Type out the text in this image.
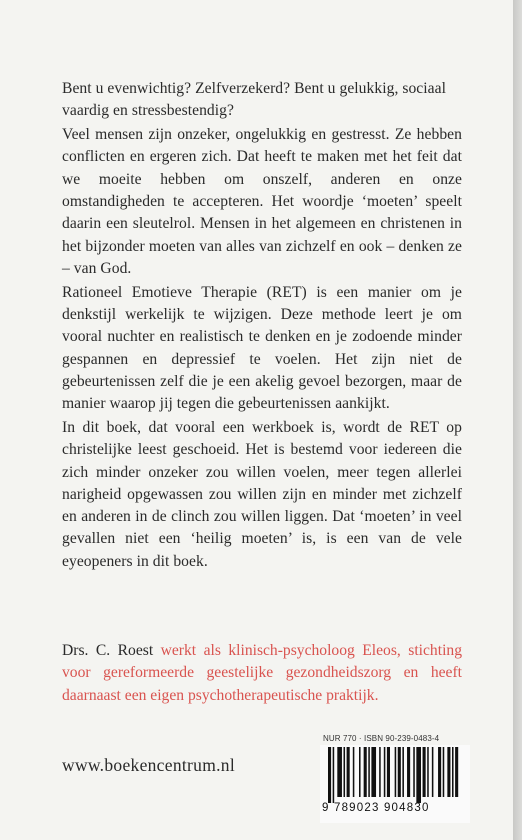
Bent u evenwichtig? Zelfverzekerd? Bent u gelukkig, sociaal vaardig en stressbestendig?

Veel mensen zijn onzeker, ongelukkig en gestresst. Ze hebben conflicten en ergeren zich. Dat heeft te maken met het feit dat we moeite hebben om onszelf, anderen en onze omstandigheden te accepteren. Het woordje ‘moeten’ speelt daarin een sleutelrol. Mensen in het algemeen en christenen in het bijzonder moeten van alles van zichzelf en ook – denken ze – van God.

Rationeel Emotieve Therapie (RET) is een manier om je denkstijl werkelijk te wijzigen. Deze methode leert je om vooral nuchter en realistisch te denken en je zodoende minder gespannen en depressief te voelen. Het zijn niet de gebeurtenissen zelf die je een akelig gevoel bezorgen, maar de manier waarop jij tegen die gebeurtenissen aankijkt.

In dit boek, dat vooral een werkboek is, wordt de RET op christelijke leest geschoeid. Het is bestemd voor iedereen die zich minder onzeker zou willen voelen, meer tegen allerlei narigheid opgewassen zou willen zijn en minder met zichzelf en anderen in de clinch zou willen liggen. Dat ‘moeten’ in veel gevallen niet een ‘heilig moeten’ is, is een van de vele eyeopeners in dit boek.

Drs. C. Roest werkt als klinisch-psycholoog Eleos, stichting voor gereformeerde geestelijke gezondheidszorg en heeft daarnaast een eigen psychotherapeutische praktijk.
NUR 770 · ISBN 90-239-0483-4
www.boekencentrum.nl
9 789023 904830
